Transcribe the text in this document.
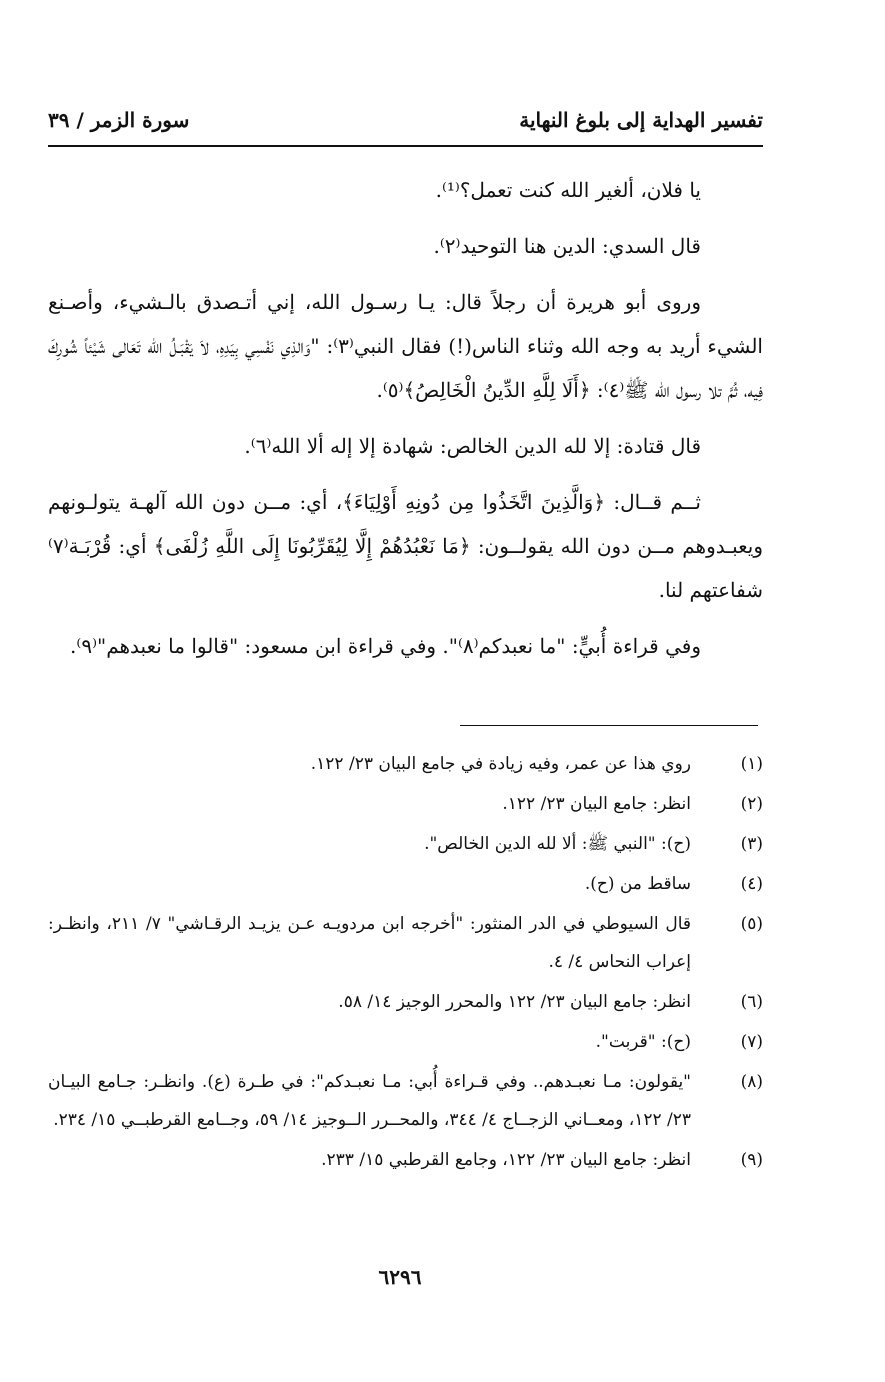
تفسير الهداية إلى بلوغ النهاية
سورة الزمر / ٣٩

يا فلان، ألغير الله كنت تعمل؟⁽¹⁾.

قال السدي: الدين هنا التوحيد⁽٢⁾.

وروى أبو هريرة أن رجلاً قال: يـا رسـول الله، إني أتـصدق بالـشيء، وأصـنع الشيء أريد به وجه الله وثناء الناس(!) فقال النبي⁽٣⁾: "وَالذِي نَفْسِي بِيَدِهِ، لاَ يَقْبَـلُ الله تَعَالى شَيْئاً شُورِكَ فِيه، ثُمَّ تلا رسول الله ﷺ⁽٤⁾: ﴿أَلَا لِلَّهِ الدِّينُ الْخَالِصُ﴾⁽٥⁾.

قال قتادة: إلا لله الدين الخالص: شهادة إلا إله ألا الله⁽٦⁾.

ثــم قــال: ﴿وَالَّذِينَ اتَّخَذُوا مِن دُونِهِ أَوْلِيَاءَ﴾، أي: مــن دون الله آلهـة يتولـونهم ويعبـدوهم مــن دون الله يقولــون: ﴿مَا نَعْبُدُهُمْ إِلَّا لِيُقَرِّبُونَا إِلَى اللَّهِ زُلْفَى﴾ أي: قُرْبَـة⁽٧⁾ شفاعتهم لنا.

وفي قراءة أُبيٍّ: "ما نعبدكم⁽٨⁾". وفي قراءة ابن مسعود: "قالوا ما نعبدهم"⁽٩⁾.

(١)
روي هذا عن عمر، وفيه زيادة في جامع البيان ٢٣/ ١٢٢.
(٢)
انظر: جامع البيان ٢٣/ ١٢٢.
(٣)
(ح): "النبي ﷺ: ألا لله الدين الخالص".
(٤)
ساقط من (ح).
(٥)
قال السيوطي في الدر المنثور: "أخرجه ابن مردويـه عـن يزيـد الرقـاشي" ٧/ ٢١١، وانظـر: إعراب النحاس ٤/ ٤.
(٦)
انظر: جامع البيان ٢٣/ ١٢٢ والمحرر الوجيز ١٤/ ٥٨.
(٧)
(ح): "قربت".
(٨)
"يقولون: مـا نعبـدهم.. وفي قـراءة أُبي: مـا نعبـدكم": في طـرة (ع). وانظـر: جـامع البيـان ٢٣/ ١٢٢، ومعــاني الزجــاج ٤/ ٣٤٤، والمحــرر الــوجيز ١٤/ ٥٩، وجــامع القرطبــي ١٥/ ٢٣٤.
(٩)
انظر: جامع البيان ٢٣/ ١٢٢، وجامع القرطبي ١٥/ ٢٣٣.
٦٢٩٦
